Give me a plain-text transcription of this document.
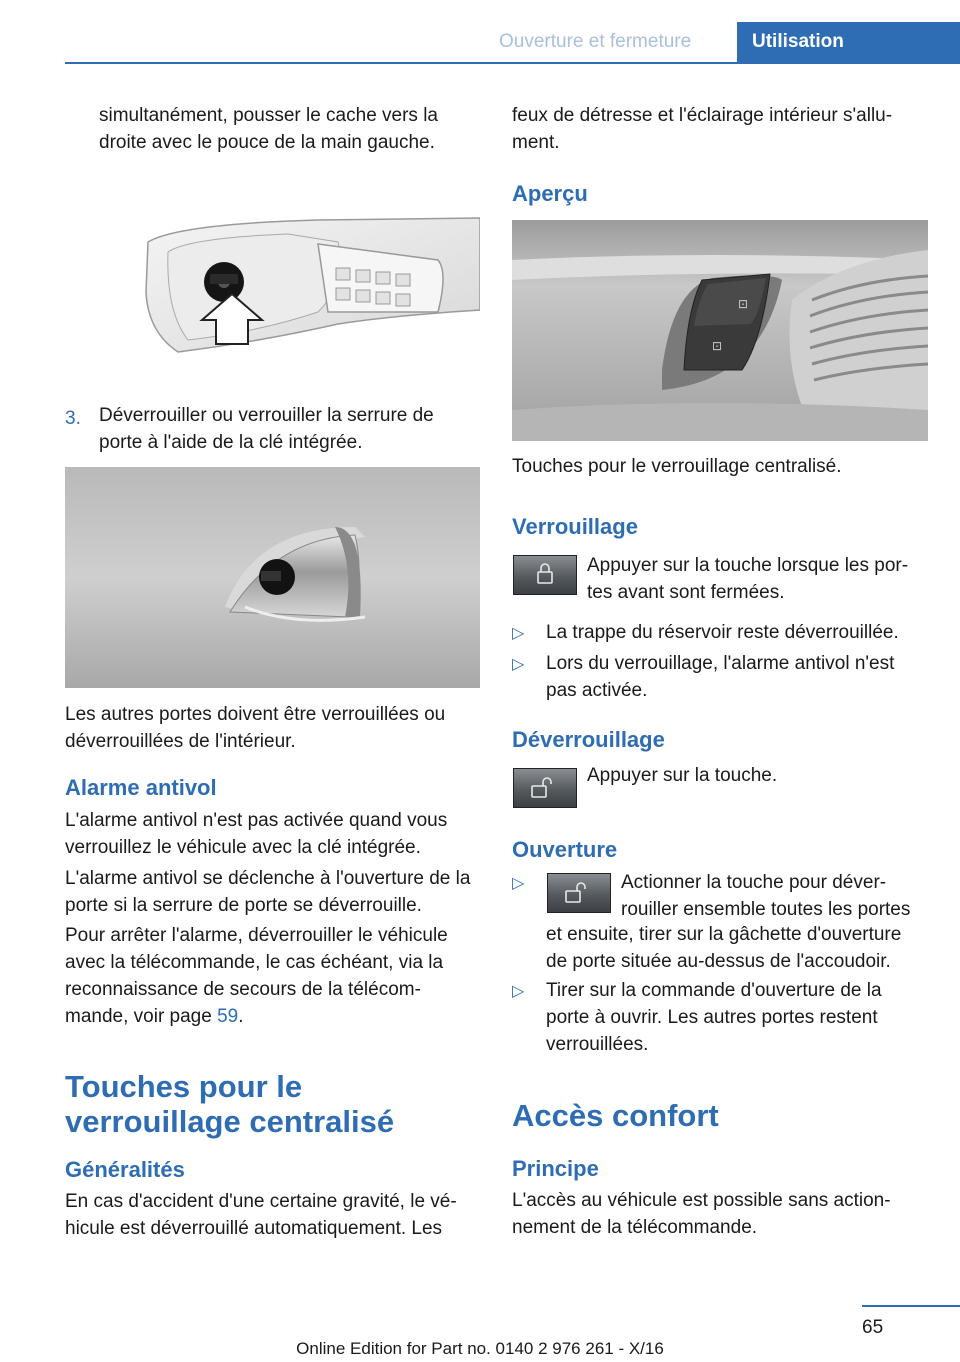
Ouverture et fermeture	Utilisation

simultanément, pousser le cache vers la droite avec le pouce de la main gauche.

3. Déverrouiller ou verrouiller la serrure de porte à l'aide de la clé intégrée.

Les autres portes doivent être verrouillées ou déverrouillées de l'intérieur.

Alarme antivol

L'alarme antivol n'est pas activée quand vous verrouillez le véhicule avec la clé intégrée.

L'alarme antivol se déclenche à l'ouverture de la porte si la serrure de porte se déverrouille.

Pour arrêter l'alarme, déverrouiller le véhicule avec la télécommande, le cas échéant, via la reconnaissance de secours de la télécommande, voir page 59.

Touches pour le verrouillage centralisé
Généralités

En cas d'accident d'une certaine gravité, le véhicule est déverrouillé automatiquement. Les

feux de détresse et l'éclairage intérieur s'allument.

Aperçu
⊡
⊡

Touches pour le verrouillage centralisé.

Verrouillage

Appuyer sur la touche lorsque les portes avant sont fermées.

▷ La trappe du réservoir reste déverrouillée.

▷ Lors du verrouillage, l'alarme antivol n'est pas activée.

Déverrouillage

Appuyer sur la touche.

Ouverture
▷	Actionner la touche pour déverrouiller ensemble toutes les portes

et ensuite, tirer sur la gâchette d'ouverture de porte située au-dessus de l'accoudoir.

▷ Tirer sur la commande d'ouverture de la porte à ouvrir. Les autres portes restent verrouillées.

Accès confort
Principe

L'accès au véhicule est possible sans actionnement de la télécommande.

65
Online Edition for Part no. 0140 2 976 261 - X/16
